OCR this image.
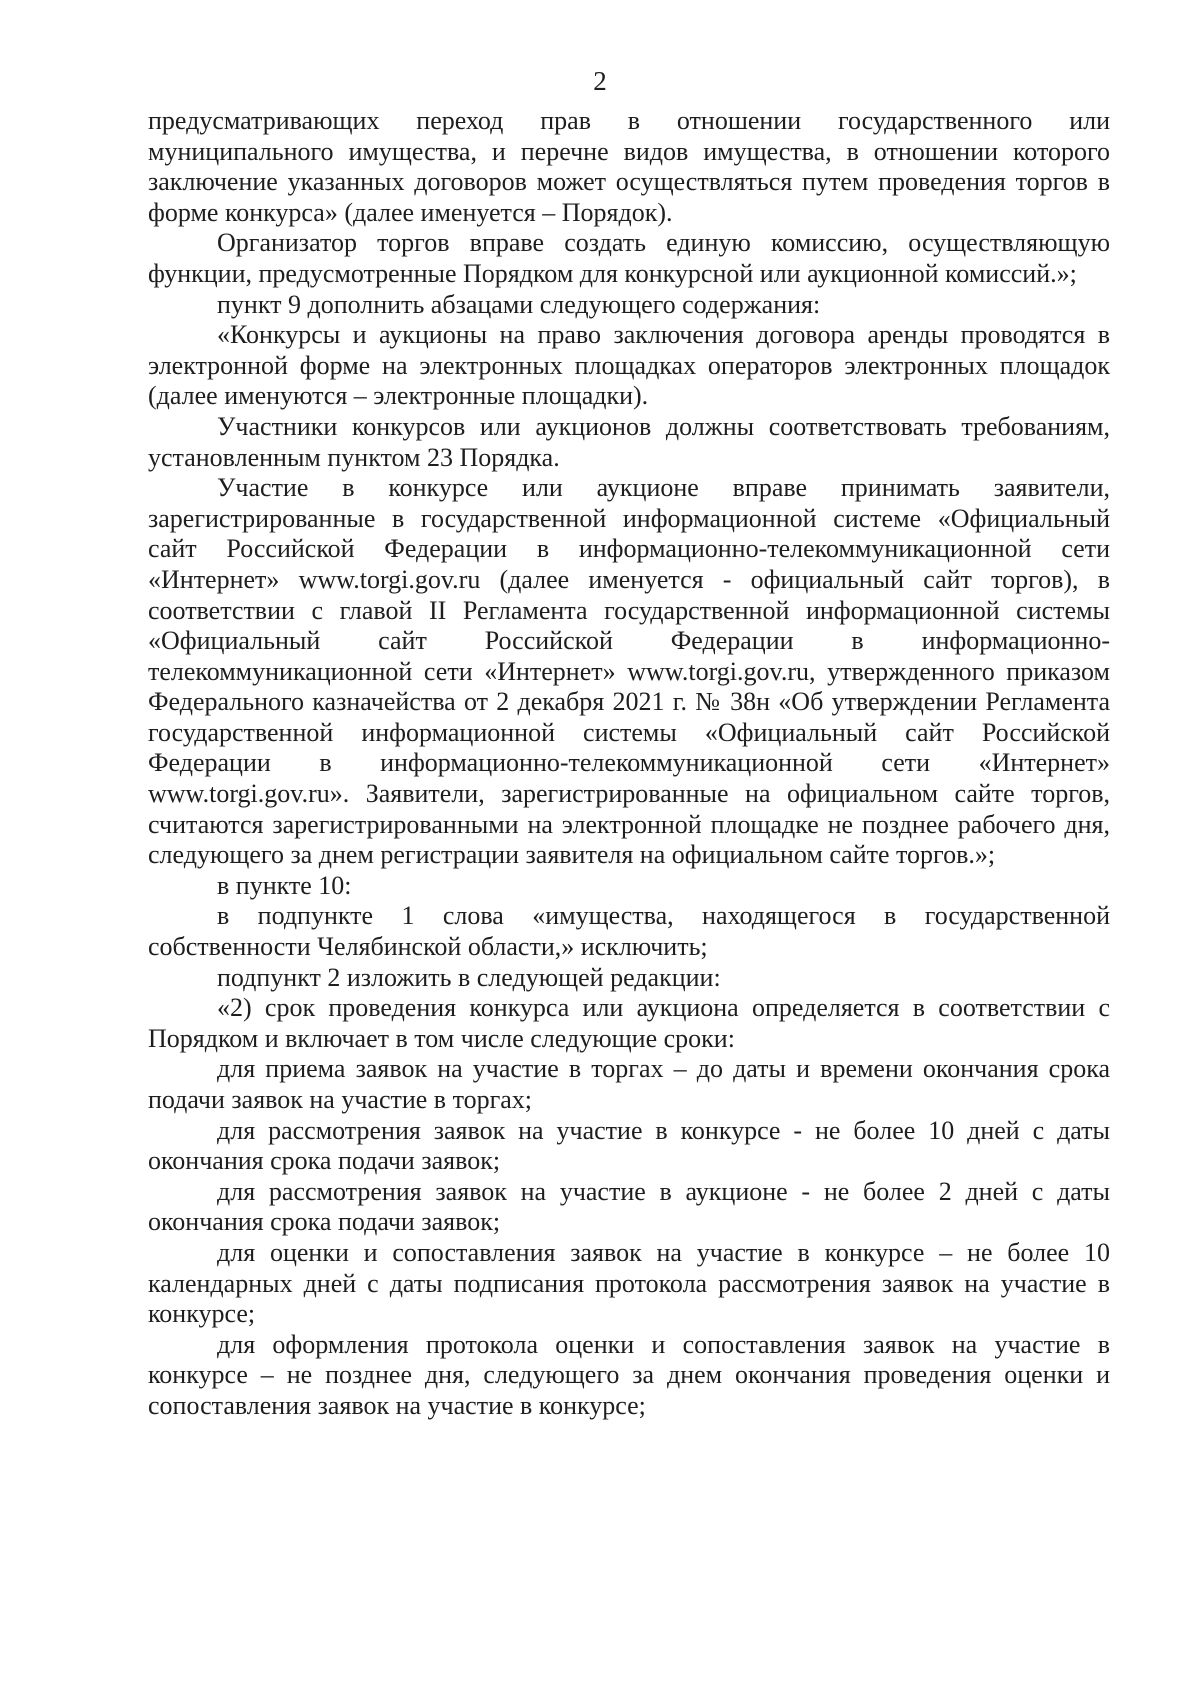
2

предусматривающих переход прав в отношении государственного или муниципального имущества, и перечне видов имущества, в отношении которого заключение указанных договоров может осуществляться путем проведения торгов в форме конкурса» (далее именуется – Порядок).

Организатор торгов вправе создать единую комиссию, осуществляющую функции, предусмотренные Порядком для конкурсной или аукционной комиссий.»;

пункт 9 дополнить абзацами следующего содержания:

«Конкурсы и аукционы на право заключения договора аренды проводятся в электронной форме на электронных площадках операторов электронных площадок (далее именуются – электронные площадки).

Участники конкурсов или аукционов должны соответствовать требованиям, установленным пунктом 23 Порядка.

Участие в конкурсе или аукционе вправе принимать заявители, зарегистрированные в государственной информационной системе «Официальный сайт Российской Федерации в информационно-телекоммуникационной сети «Интернет» www.torgi.gov.ru (далее именуется - официальный сайт торгов), в соответствии с главой II Регламента государственной информационной системы «Официальный сайт Российской Федерации в информационно-телекоммуникационной сети «Интернет» www.torgi.gov.ru, утвержденного приказом Федерального казначейства от 2 декабря 2021 г. № 38н «Об утверждении Регламента государственной информационной системы «Официальный сайт Российской Федерации в информационно-телекоммуникационной сети «Интернет» www.torgi.gov.ru». Заявители, зарегистрированные на официальном сайте торгов, считаются зарегистрированными на электронной площадке не позднее рабочего дня, следующего за днем регистрации заявителя на официальном сайте торгов.»;

в пункте 10:

в подпункте 1 слова «имущества, находящегося в государственной собственности Челябинской области,» исключить;

подпункт 2 изложить в следующей редакции:

«2) срок проведения конкурса или аукциона определяется в соответствии с Порядком и включает в том числе следующие сроки:

для приема заявок на участие в торгах – до даты и времени окончания срока подачи заявок на участие в торгах;

для рассмотрения заявок на участие в конкурсе - не более 10 дней с даты окончания срока подачи заявок;

для рассмотрения заявок на участие в аукционе - не более 2 дней с даты окончания срока подачи заявок;

для оценки и сопоставления заявок на участие в конкурсе – не более 10 календарных дней с даты подписания протокола рассмотрения заявок на участие в конкурсе;

для оформления протокола оценки и сопоставления заявок на участие в конкурсе – не позднее дня, следующего за днем окончания проведения оценки и сопоставления заявок на участие в конкурсе;
